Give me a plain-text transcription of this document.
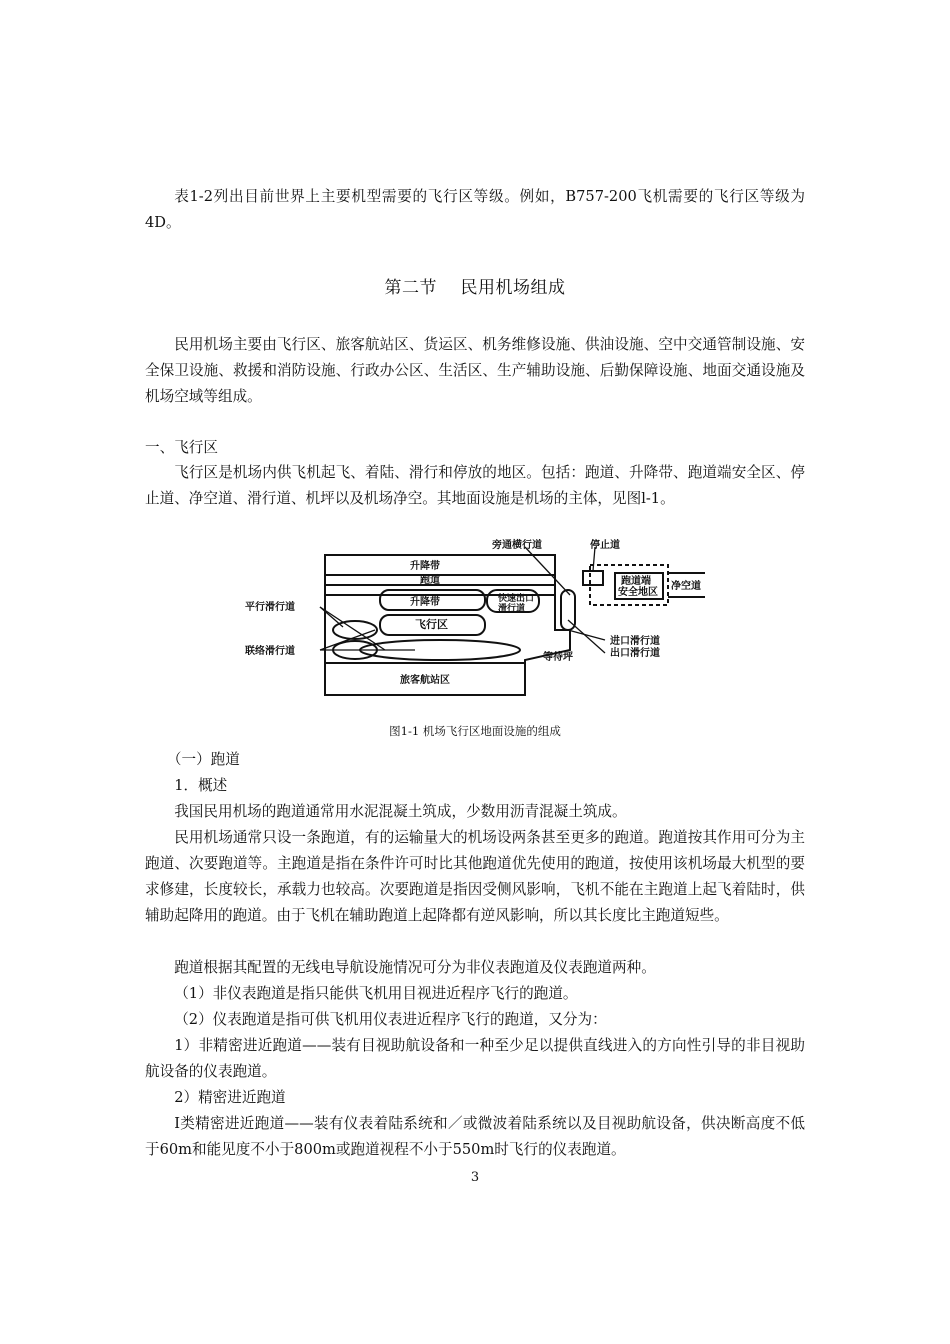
表1-2列出目前世界上主要机型需要的飞行区等级。例如，B757-200飞机需要的飞行区等级为4D。

第二节　 民用机场组成

民用机场主要由飞行区、旅客航站区、货运区、机务维修设施、供油设施、空中交通管制设施、安全保卫设施、救援和消防设施、行政办公区、生活区、生产辅助设施、后勤保障设施、地面交通设施及机场空域等组成。

一、飞行区

飞行区是机场内供飞机起飞、着陆、滑行和停放的地区。包括：跑道、升降带、跑道端安全区、停止道、净空道、滑行道、机坪以及机场净空。其地面设施是机场的主体，见图l-1。

旁通横行道	停止道
升降带
跑道
升降带
飞行区
快速出口
滑行道
跑道端
安全地区
净空道
平行滑行道
联络滑行道
进口滑行道
出口滑行道
等待坪
旅客航站区
图1-1 机场飞行区地面设施的组成

（一）跑道

1．概述

我国民用机场的跑道通常用水泥混凝土筑成，少数用沥青混凝土筑成。

民用机场通常只设一条跑道，有的运输量大的机场设两条甚至更多的跑道。跑道按其作用可分为主跑道、次要跑道等。主跑道是指在条件许可时比其他跑道优先使用的跑道，按使用该机场最大机型的要求修建，长度较长，承载力也较高。次要跑道是指因受侧风影响，飞机不能在主跑道上起飞着陆时，供辅助起降用的跑道。由于飞机在辅助跑道上起降都有逆风影响，所以其长度比主跑道短些。

跑道根据其配置的无线电导航设施情况可分为非仪表跑道及仪表跑道两种。

（1）非仪表跑道是指只能供飞机用目视进近程序飞行的跑道。

（2）仪表跑道是指可供飞机用仪表进近程序飞行的跑道，又分为：

1）非精密进近跑道——装有目视助航设备和一种至少足以提供直线进入的方向性引导的非目视助航设备的仪表跑道。

2）精密进近跑道

I类精密进近跑道——装有仪表着陆系统和／或微波着陆系统以及目视助航设备，供决断高度不低于60m和能见度不小于800m或跑道视程不小于550m时飞行的仪表跑道。

3
